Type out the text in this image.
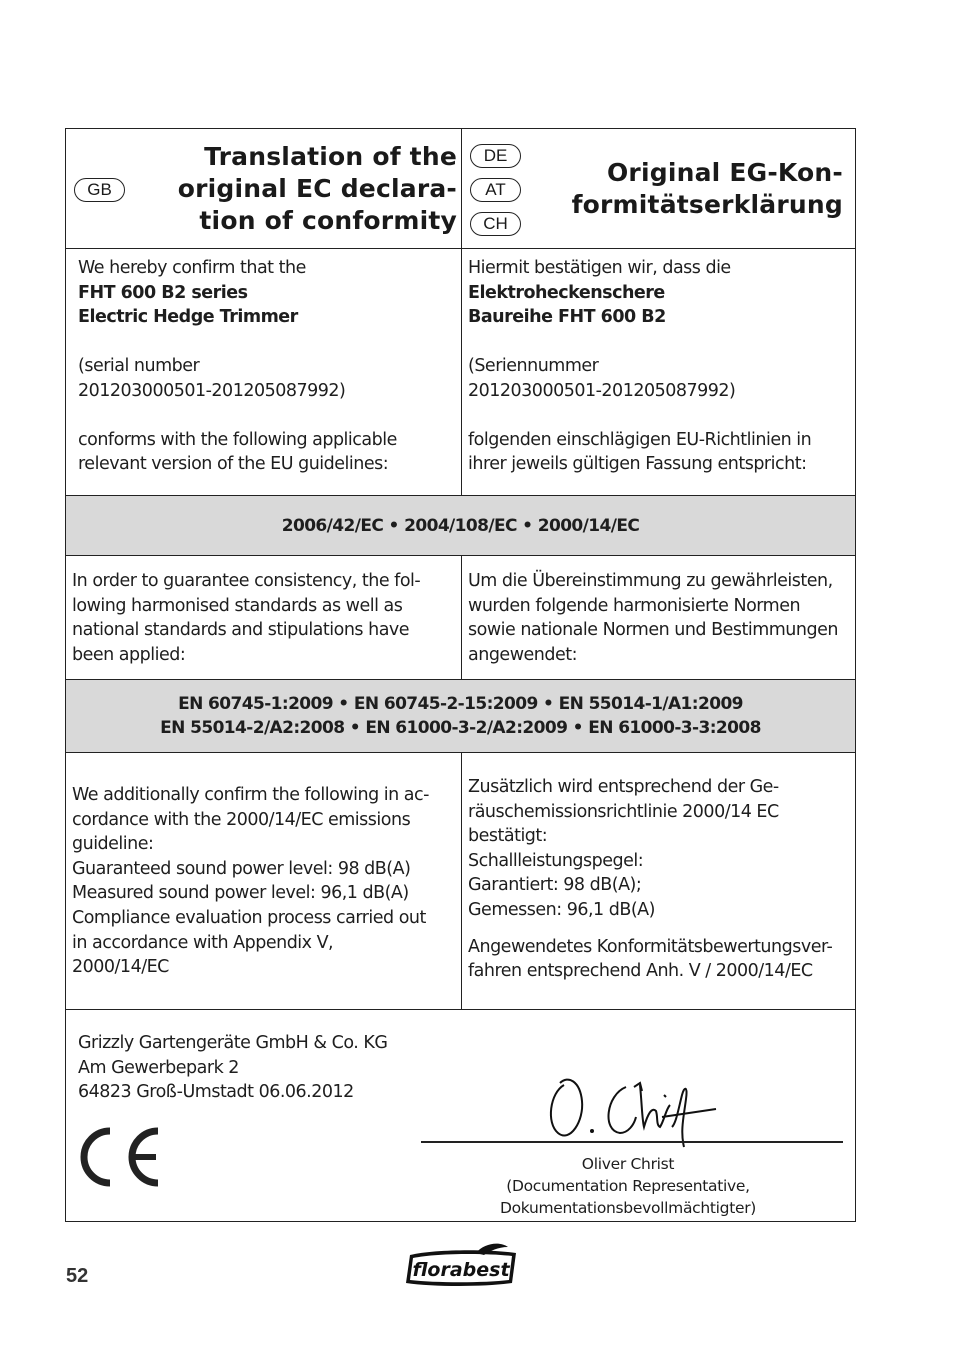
GB
Translation of the
original EC declara-
tion of conformity
DE
AT
CH
Original EG-Kon-
formitätserklärung
We hereby confirm that the
FHT 600 B2 series
Electric Hedge Trimmer
(serial number
201203000501-201205087992)
conforms with the following applicable
relevant version of the EU guidelines:
Hiermit bestätigen wir, dass die
Elektroheckenschere
Baureihe FHT 600 B2
(Seriennummer
201203000501-201205087992)
folgenden einschlägigen EU-Richtlinien in
ihrer jeweils gültigen Fassung entspricht:
2006/42/EC • 2004/108/EC • 2000/14/EC
In order to guarantee consistency, the fol-
lowing harmonised standards as well as
national standards and stipulations have
been applied:
Um die Übereinstimmung zu gewährleisten,
wurden folgende harmonisierte Normen
sowie nationale Normen und Bestimmungen
angewendet:
EN 60745-1:2009 • EN 60745-2-15:2009 • EN 55014-1/A1:2009
EN 55014-2/A2:2008 • EN 61000-3-2/A2:2009 • EN 61000-3-3:2008
We additionally confirm the following in ac-
cordance with the 2000/14/EC emissions
guideline:
Guaranteed sound power level: 98 dB(A)
Measured sound power level: 96,1 dB(A)
Compliance evaluation process carried out
in accordance with Appendix V,
2000/14/EC
Zusätzlich wird entsprechend der Ge-
räuschemissionsrichtlinie 2000/14 EC
bestätigt:
Schallleistungspegel:
Garantiert: 98 dB(A);
Gemessen: 96,1 dB(A)
Angewendetes Konformitätsbewertungsver-
fahren entsprechend Anh. V / 2000/14/EC
Grizzly Gartengeräte GmbH & Co. KG
Am Gewerbepark 2
64823 Groß-Umstadt 06.06.2012
Oliver Christ
(Documentation Representative,
Dokumentationsbevollmächtigter)
52	florabest
